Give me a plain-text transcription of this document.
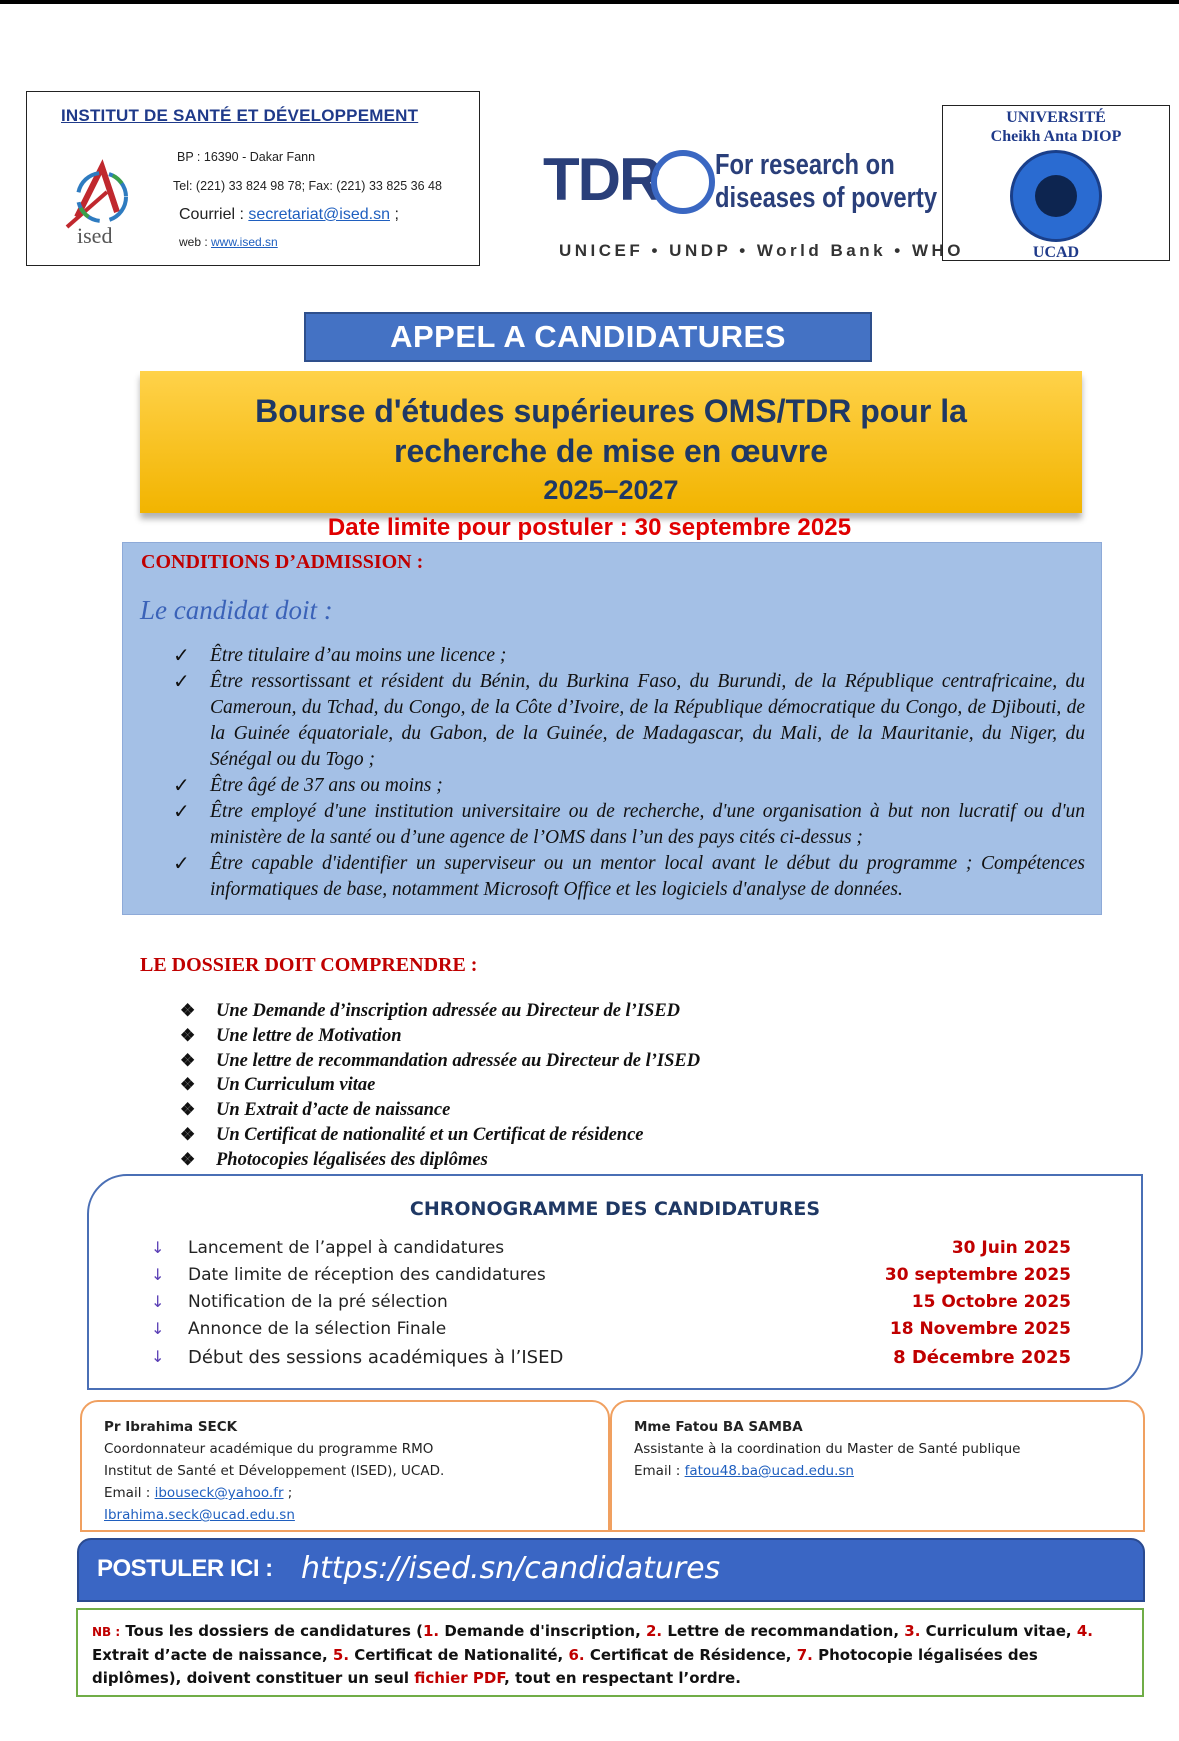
INSTITUT DE SANTÉ ET DÉVELOPPEMENT
ised
BP : 16390 - Dakar Fann
Tel: (221) 33 824 98 78; Fax: (221) 33 825 36 48
Courriel : secretariat@ised.sn ;
web : www.ised.sn
TDR For research on
diseases of poverty
UNICEF • UNDP • World Bank • WHO
UNIVERSITÉ
Cheikh Anta DIOP
UCAD
APPEL A CANDIDATURES
Bourse d'études supérieures OMS/TDR pour la
recherche de mise en œuvre
2025–2027
Date limite pour postuler : 30 septembre 2025
CONDITIONS D’ADMISSION :
Le candidat doit :
✓ Être titulaire d’au moins une licence ;
✓ Être ressortissant et résident du Bénin, du Burkina Faso, du Burundi, de la République centrafricaine, du Cameroun, du Tchad, du Congo, de la Côte d’Ivoire, de la République démocratique du Congo, de Djibouti, de la Guinée équatoriale, du Gabon, de la Guinée, de Madagascar, du Mali, de la Mauritanie, du Niger, du Sénégal ou du Togo ;
✓ Être âgé de 37 ans ou moins ;
✓ Être employé d'une institution universitaire ou de recherche, d'une organisation à but non lucratif ou d'un ministère de la santé ou d’une agence de l’OMS dans l’un des pays cités ci-dessus ;
✓ Être capable d'identifier un superviseur ou un mentor local avant le début du programme ; Compétences informatiques de base, notamment Microsoft Office et les logiciels d'analyse de données.
LE DOSSIER DOIT COMPRENDRE :
❖ Une Demande d’inscription adressée au Directeur de l’ISED
❖ Une lettre de Motivation
❖ Une lettre de recommandation adressée au Directeur de l’ISED
❖ Un Curriculum vitae
❖ Un Extrait d’acte de naissance
❖ Un Certificat de nationalité et un Certificat de résidence
❖ Photocopies légalisées des diplômes
CHRONOGRAMME DES CANDIDATURES
↓ Lancement de l’appel à candidatures	30 Juin 2025
↓ Date limite de réception des candidatures	30 septembre 2025
↓ Notification de la pré sélection	15 Octobre 2025
↓ Annonce de la sélection Finale	18 Novembre 2025
↓ Début des sessions académiques à l’ISED	8 Décembre 2025
Pr Ibrahima SECK
Coordonnateur académique du programme RMO
Institut de Santé et Développement (ISED), UCAD.
Email : ibouseck@yahoo.fr ;
Ibrahima.seck@ucad.edu.sn
Mme Fatou BA SAMBA
Assistante à la coordination du Master de Santé publique
Email : fatou48.ba@ucad.edu.sn
POSTULER ICI : https://ised.sn/candidatures
NB : Tous les dossiers de candidatures (1. Demande d'inscription, 2. Lettre de recommandation, 3. Curriculum vitae, 4. Extrait d’acte de naissance, 5. Certificat de Nationalité, 6. Certificat de Résidence, 7. Photocopie légalisées des diplômes), doivent constituer un seul fichier PDF, tout en respectant l’ordre.
